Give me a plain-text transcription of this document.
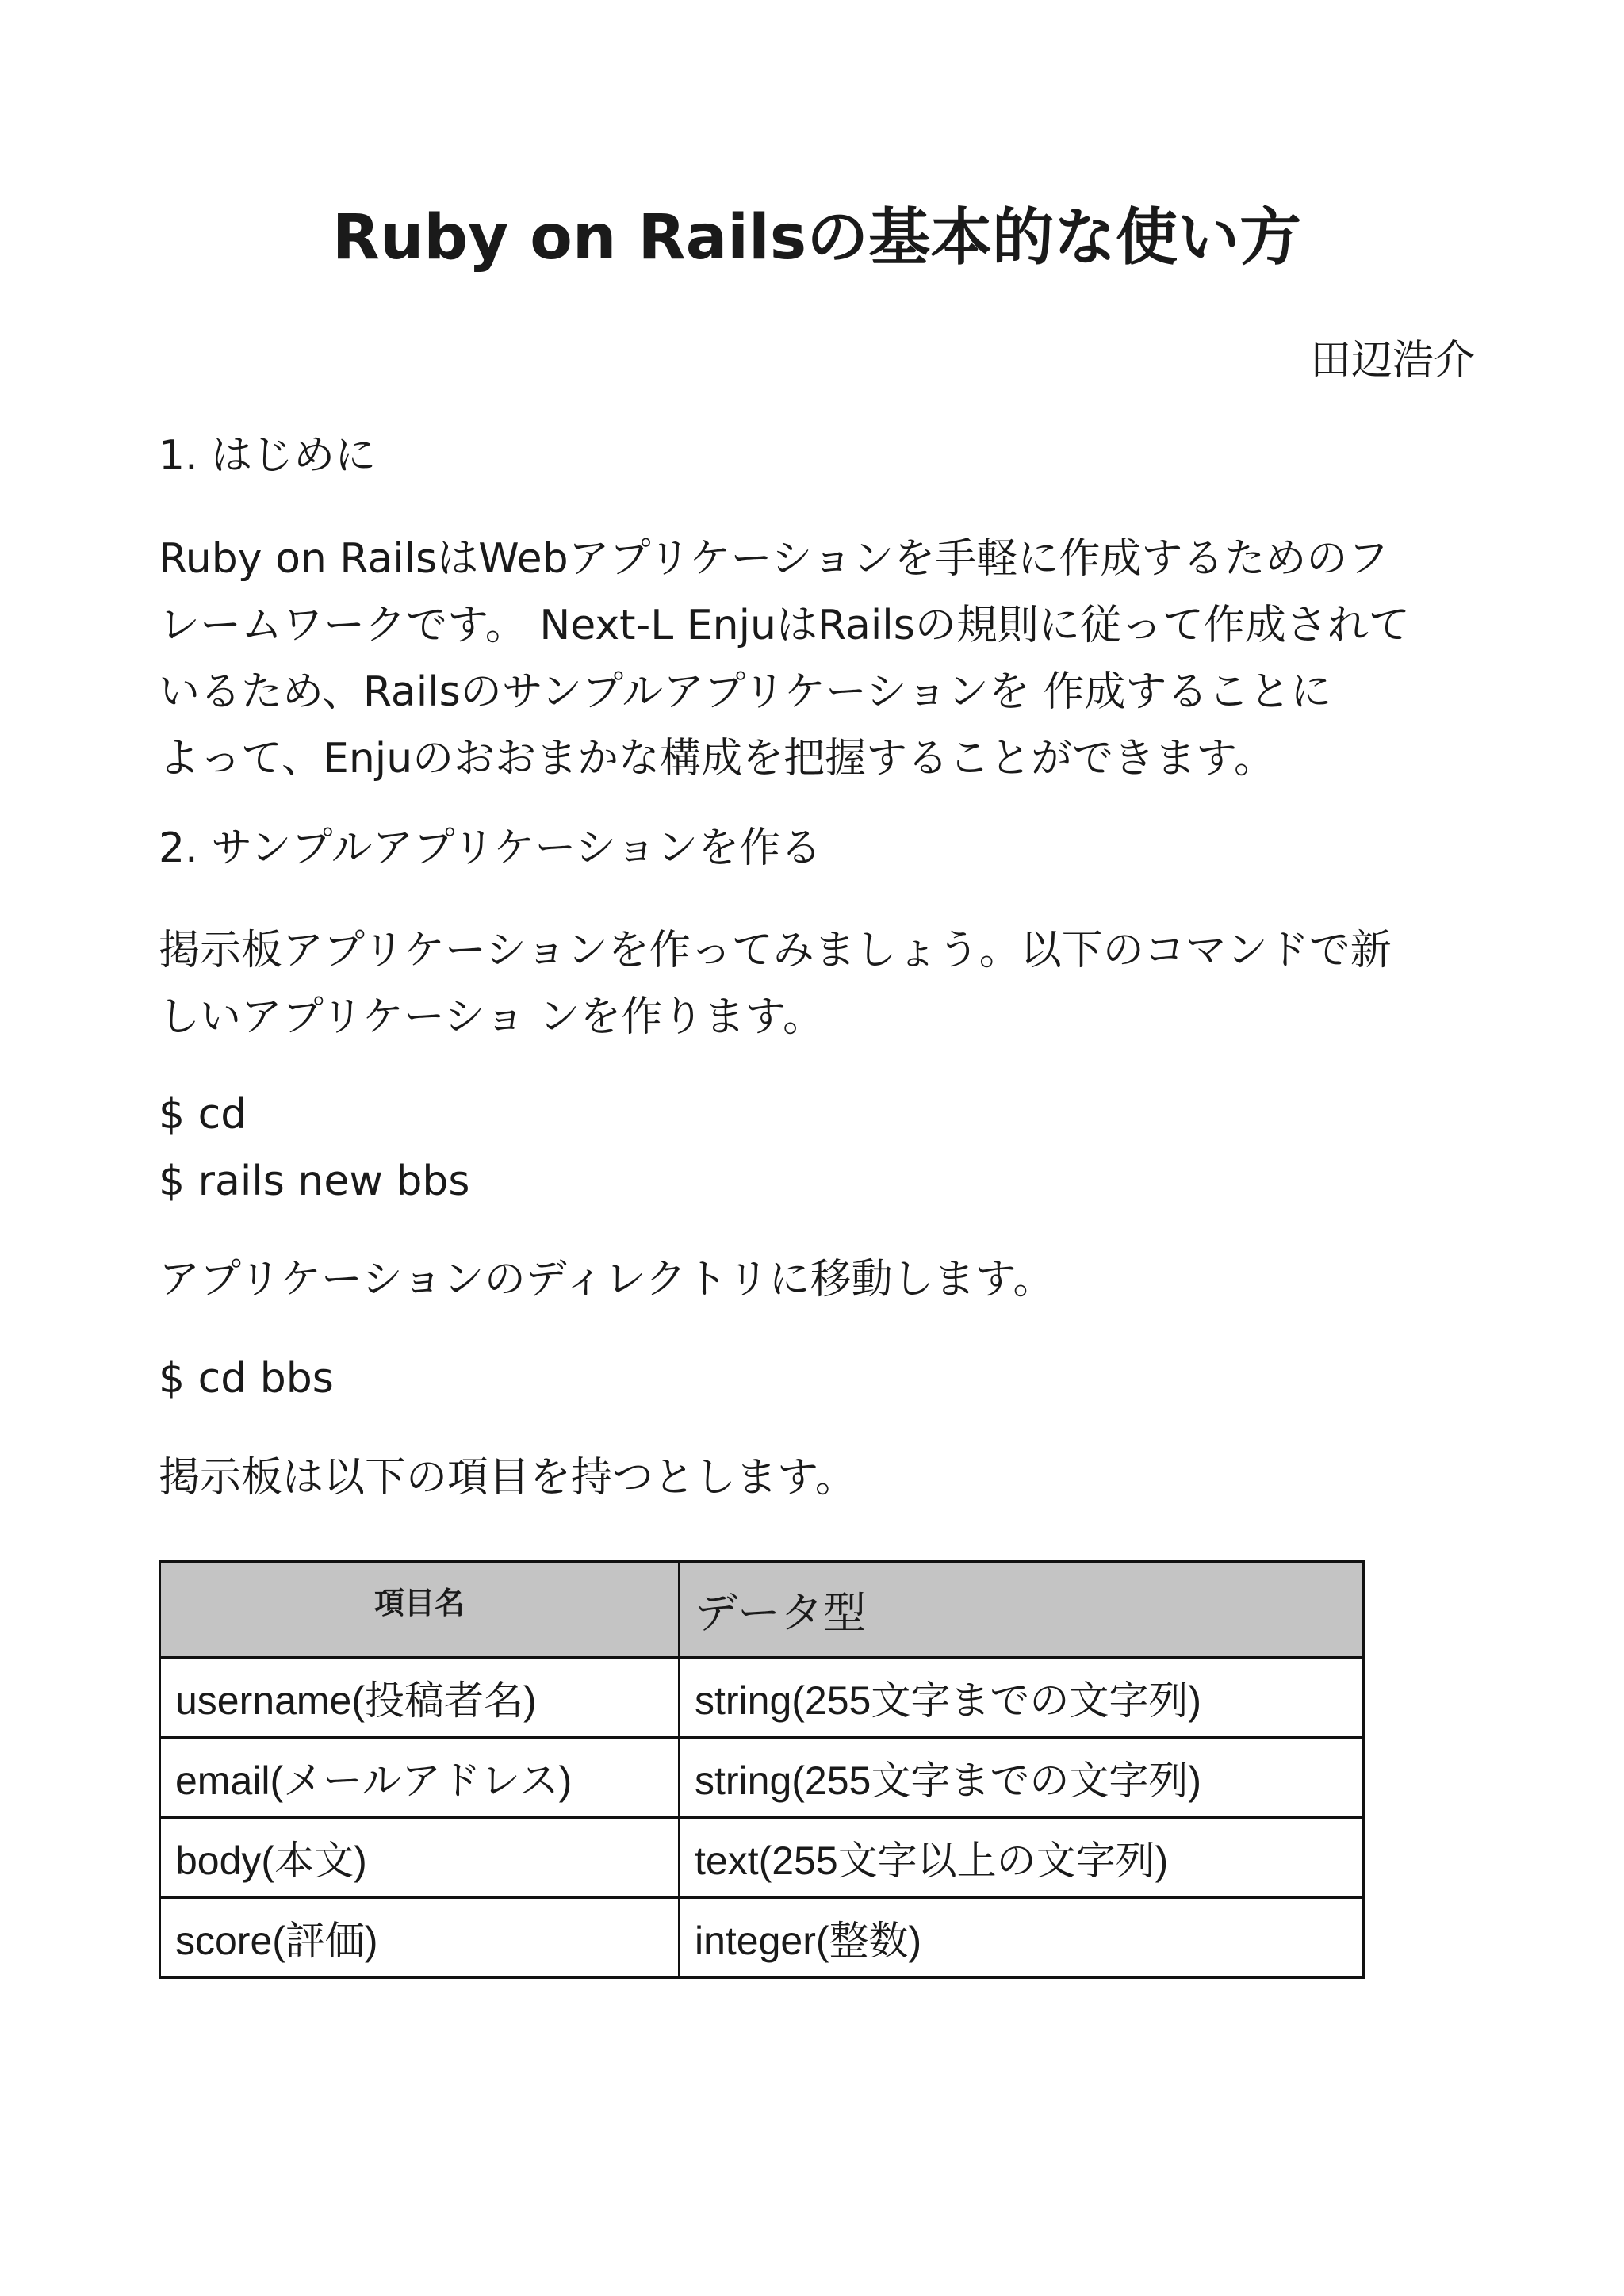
Ruby on Railsの基本的な使い方
田辺浩介
1. はじめに

Ruby on RailsはWebアプリケーションを手軽に作成するためのフ
レームワークです。 Next-L EnjuはRailsの規則に従って作成されて
いるため、Railsのサンプルアプリケーションを 作成することに
よって、Enjuのおおまかな構成を把握することができます。

2. サンプルアプリケーションを作る

掲示板アプリケーションを作ってみましょう。以下のコマンドで新
しいアプリケーショ ンを作ります。

$ cd
$ rails new bbs

アプリケーションのディレクトリに移動します。

$ cd bbs

掲示板は以下の項目を持つとします。

項目名	データ型
username(投稿者名)	string(255文字までの文字列)
email(メールアドレス)	string(255文字までの文字列)
body(本文)	text(255文字以上の文字列)
score(評価)	integer(整数)
